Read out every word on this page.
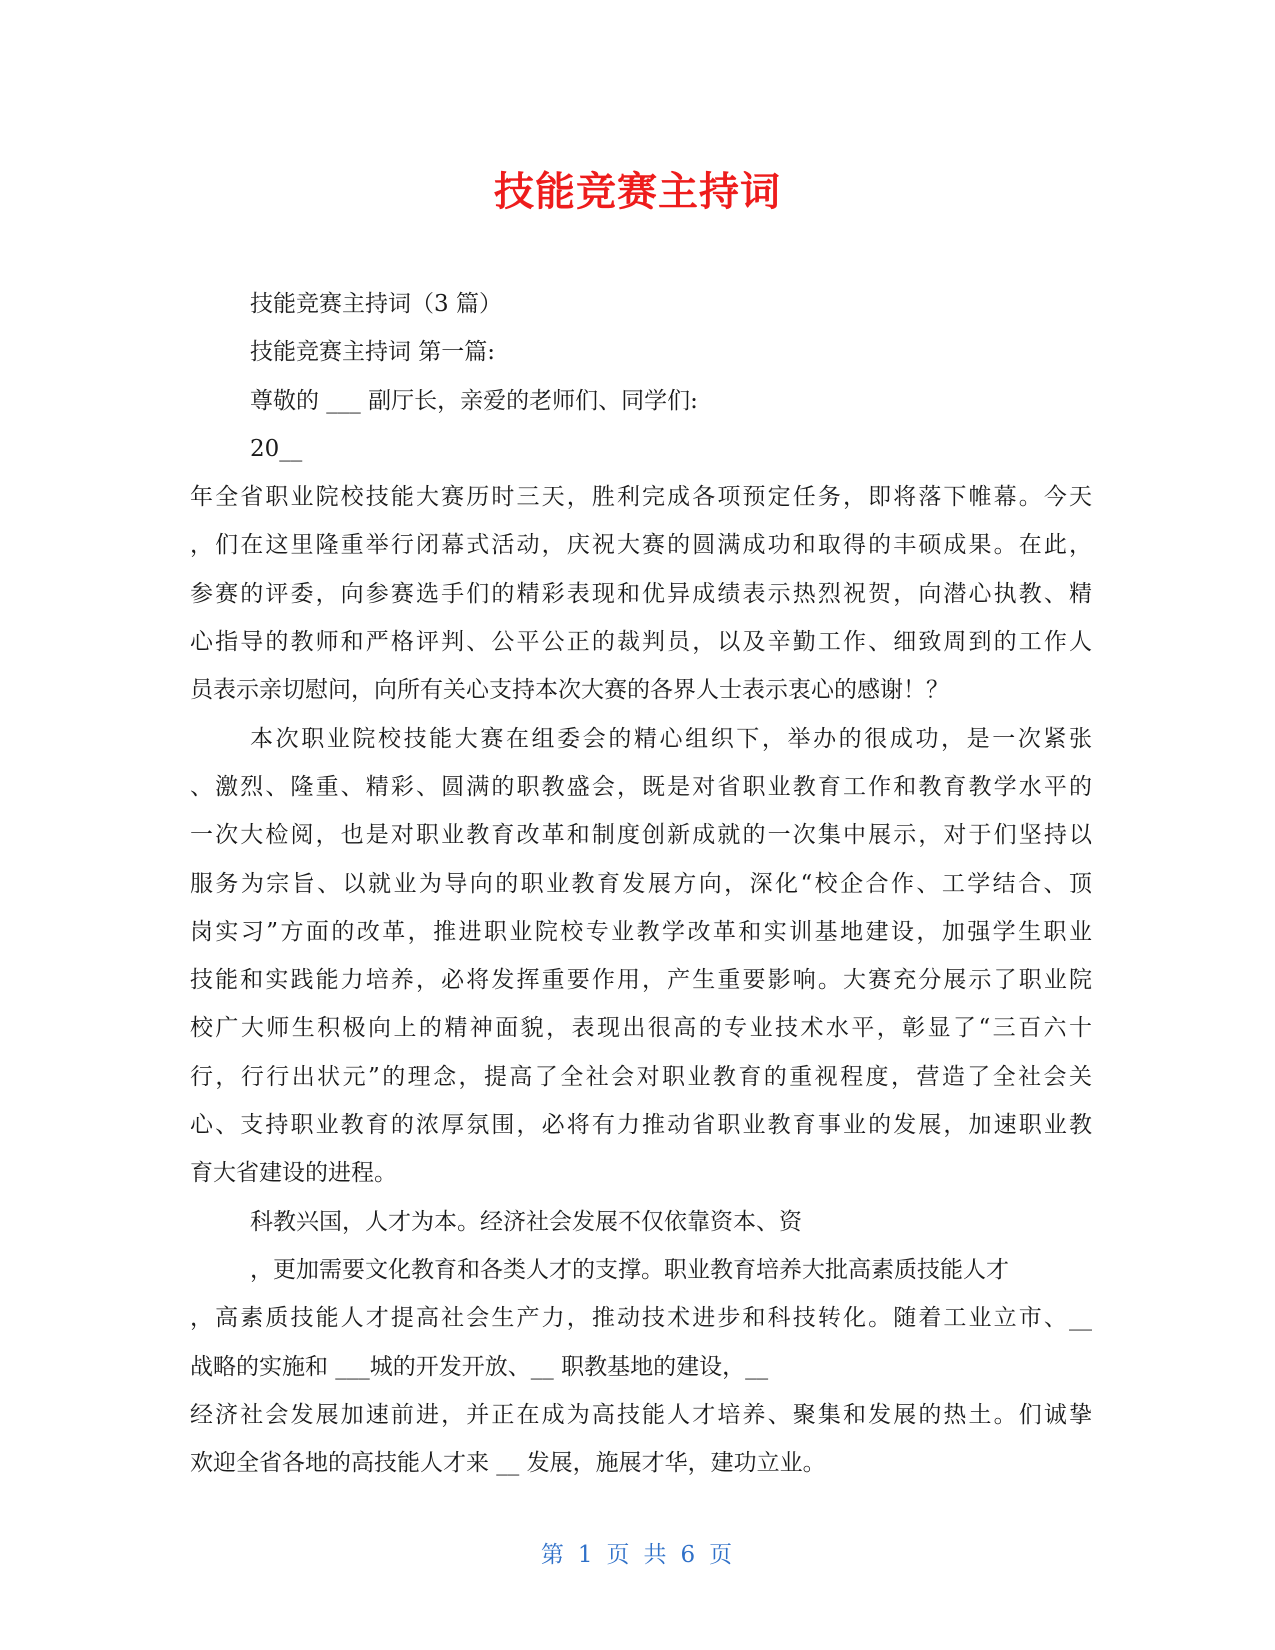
技能竞赛主持词
技能竞赛主持词（3 篇）
技能竞赛主持词 第一篇:
尊敬的 ___ 副厅长，亲爱的老师们、同学们:
20__
年全省职业院校技能大赛历时三天，胜利完成各项预定任务，即将落下帷幕。今天
，们在这里隆重举行闭幕式活动，庆祝大赛的圆满成功和取得的丰硕成果。在此，
参赛的评委，向参赛选手们的精彩表现和优异成绩表示热烈祝贺，向潜心执教、精
心指导的教师和严格评判、公平公正的裁判员，以及辛勤工作、细致周到的工作人
员表示亲切慰问，向所有关心支持本次大赛的各界人士表示衷心的感谢！？
本次职业院校技能大赛在组委会的精心组织下，举办的很成功，是一次紧张
、激烈、隆重、精彩、圆满的职教盛会，既是对省职业教育工作和教育教学水平的
一次大检阅，也是对职业教育改革和制度创新成就的一次集中展示，对于们坚持以
服务为宗旨、以就业为导向的职业教育发展方向，深化“校企合作、工学结合、顶
岗实习”方面的改革，推进职业院校专业教学改革和实训基地建设，加强学生职业
技能和实践能力培养，必将发挥重要作用，产生重要影响。大赛充分展示了职业院
校广大师生积极向上的精神面貌，表现出很高的专业技术水平，彰显了“三百六十
行，行行出状元”的理念，提高了全社会对职业教育的重视程度，营造了全社会关
心、支持职业教育的浓厚氛围，必将有力推动省职业教育事业的发展，加速职业教
育大省建设的进程。
科教兴国，人才为本。经济社会发展不仅依靠资本、资
，更加需要文化教育和各类人才的支撑。职业教育培养大批高素质技能人才
，高素质技能人才提高社会生产力，推动技术进步和科技转化。随着工业立市、__
战略的实施和 ___城的开发开放、__ 职教基地的建设，__
经济社会发展加速前进，并正在成为高技能人才培养、聚集和发展的热土。们诚挚
欢迎全省各地的高技能人才来 __ 发展，施展才华，建功立业。
第 1 页 共 6 页
